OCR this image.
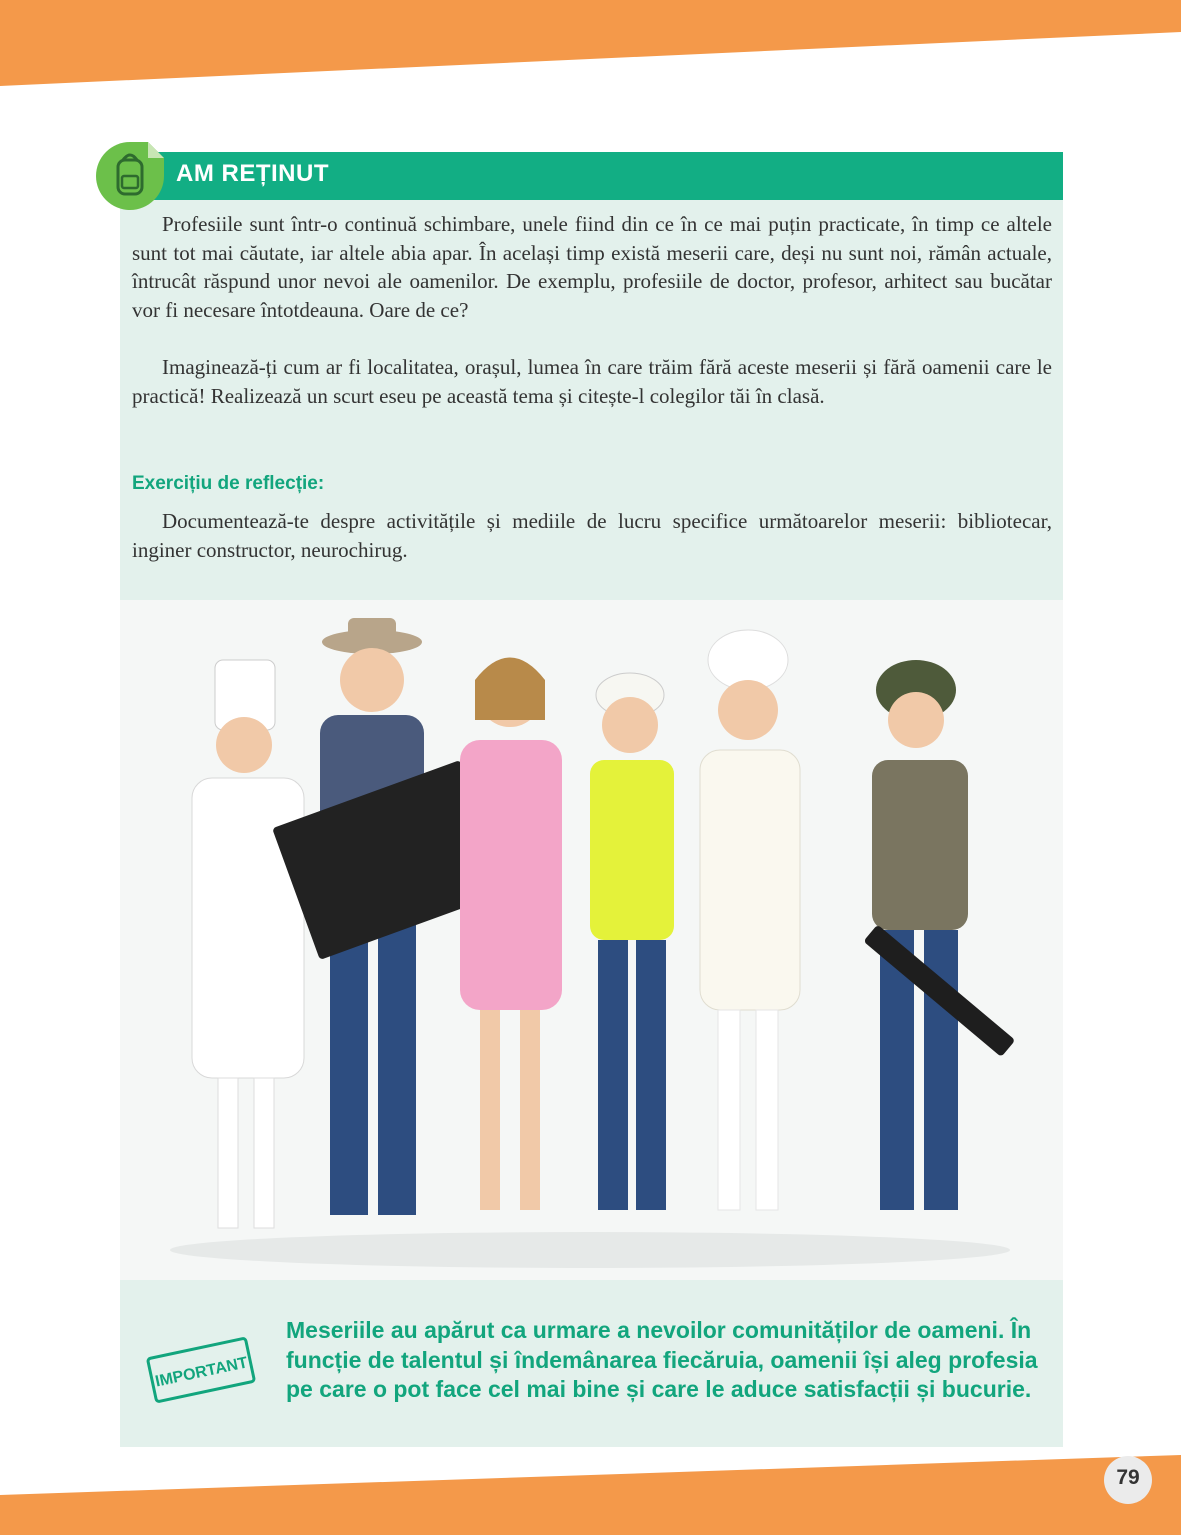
AM REȚINUT

Profesiile sunt într-o continuă schimbare, unele fiind din ce în ce mai puțin practicate, în timp ce altele sunt tot mai căutate, iar altele abia apar. În același timp există meserii care, deși nu sunt noi, rămân actuale, întrucât răspund unor nevoi ale oamenilor. De exemplu, profesiile de doctor, profesor, arhitect sau bucătar vor fi necesare întotdeauna. Oare de ce?

Imaginează-ți cum ar fi localitatea, orașul, lumea în care trăim fără aceste meserii și fără oamenii care le practică! Realizează un scurt eseu pe această tema și citește-l colegilor tăi în clasă.

Exercițiu de reflecție:

Documentează-te despre activitățile și mediile de lucru specifice următoarelor meserii: bibliotecar, inginer constructor, neurochirug.

IMPORTANT

Meseriile au apărut ca urmare a nevoilor comunităților de oameni. În funcție de talentul și îndemânarea fiecăruia, oamenii își aleg profesia pe care o pot face cel mai bine și care le aduce satisfacții și bucurie.

79
